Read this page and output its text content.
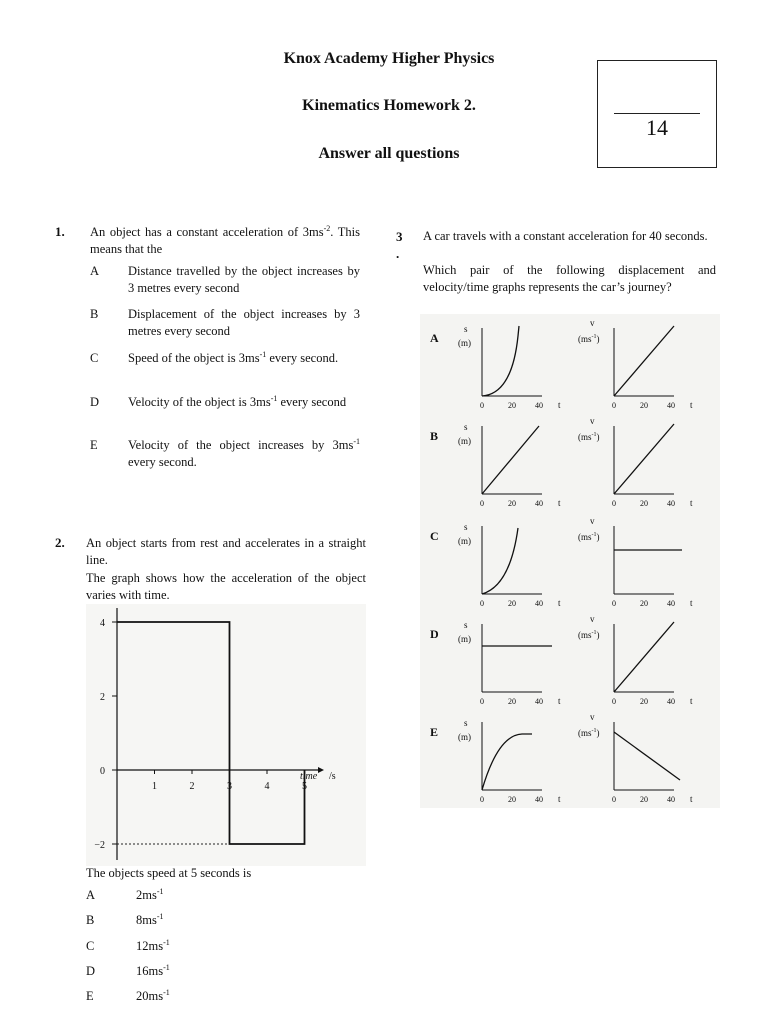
Knox Academy Higher Physics
Kinematics Homework 2.
Answer all questions
14
1. An object has a constant acceleration of $3ms^{-2}$. This means that the
A Distance travelled by the object increases by 3 metres every second
B Displacement of the object increases by 3 metres every second
C Speed of the object is $3ms^{-1}$ every second.
D Velocity of the object is $3ms^{-1}$ every second
E Velocity of the object increases by $3ms^{-1}$ every second.
2. An object starts from rest and accelerates in a straight line.
The graph shows how the acceleration of the object varies with time.
4
2
0
−2
1	2	3	4	5
time /s
The objects speed at 5 seconds is
A	$2ms^{-1}$
B	$8ms^{-1}$
C	$12ms^{-1}$
D	$16ms^{-1}$
E	$20ms^{-1}$
3
.
A car travels with a constant acceleration for 40 seconds.
Which pair of the following displacement and velocity/time graphs represents the car’s journey?
A
s
(m)
0	20 40 t
v
$(ms^{-1})$
0	20 40 t
B
s
(m)
0	20 40 t
v
$(ms^{-1})$
0	20 40 t
C
s
(m)
0	20 40 t
v
$(ms^{-1})$
0	20 40 t
D
s
(m)
0	20 40 t
v
$(ms^{-1})$
0	20 40 t
E
s
(m)
0	20 40 t
v
$(ms^{-1})$
0	20 40 t
